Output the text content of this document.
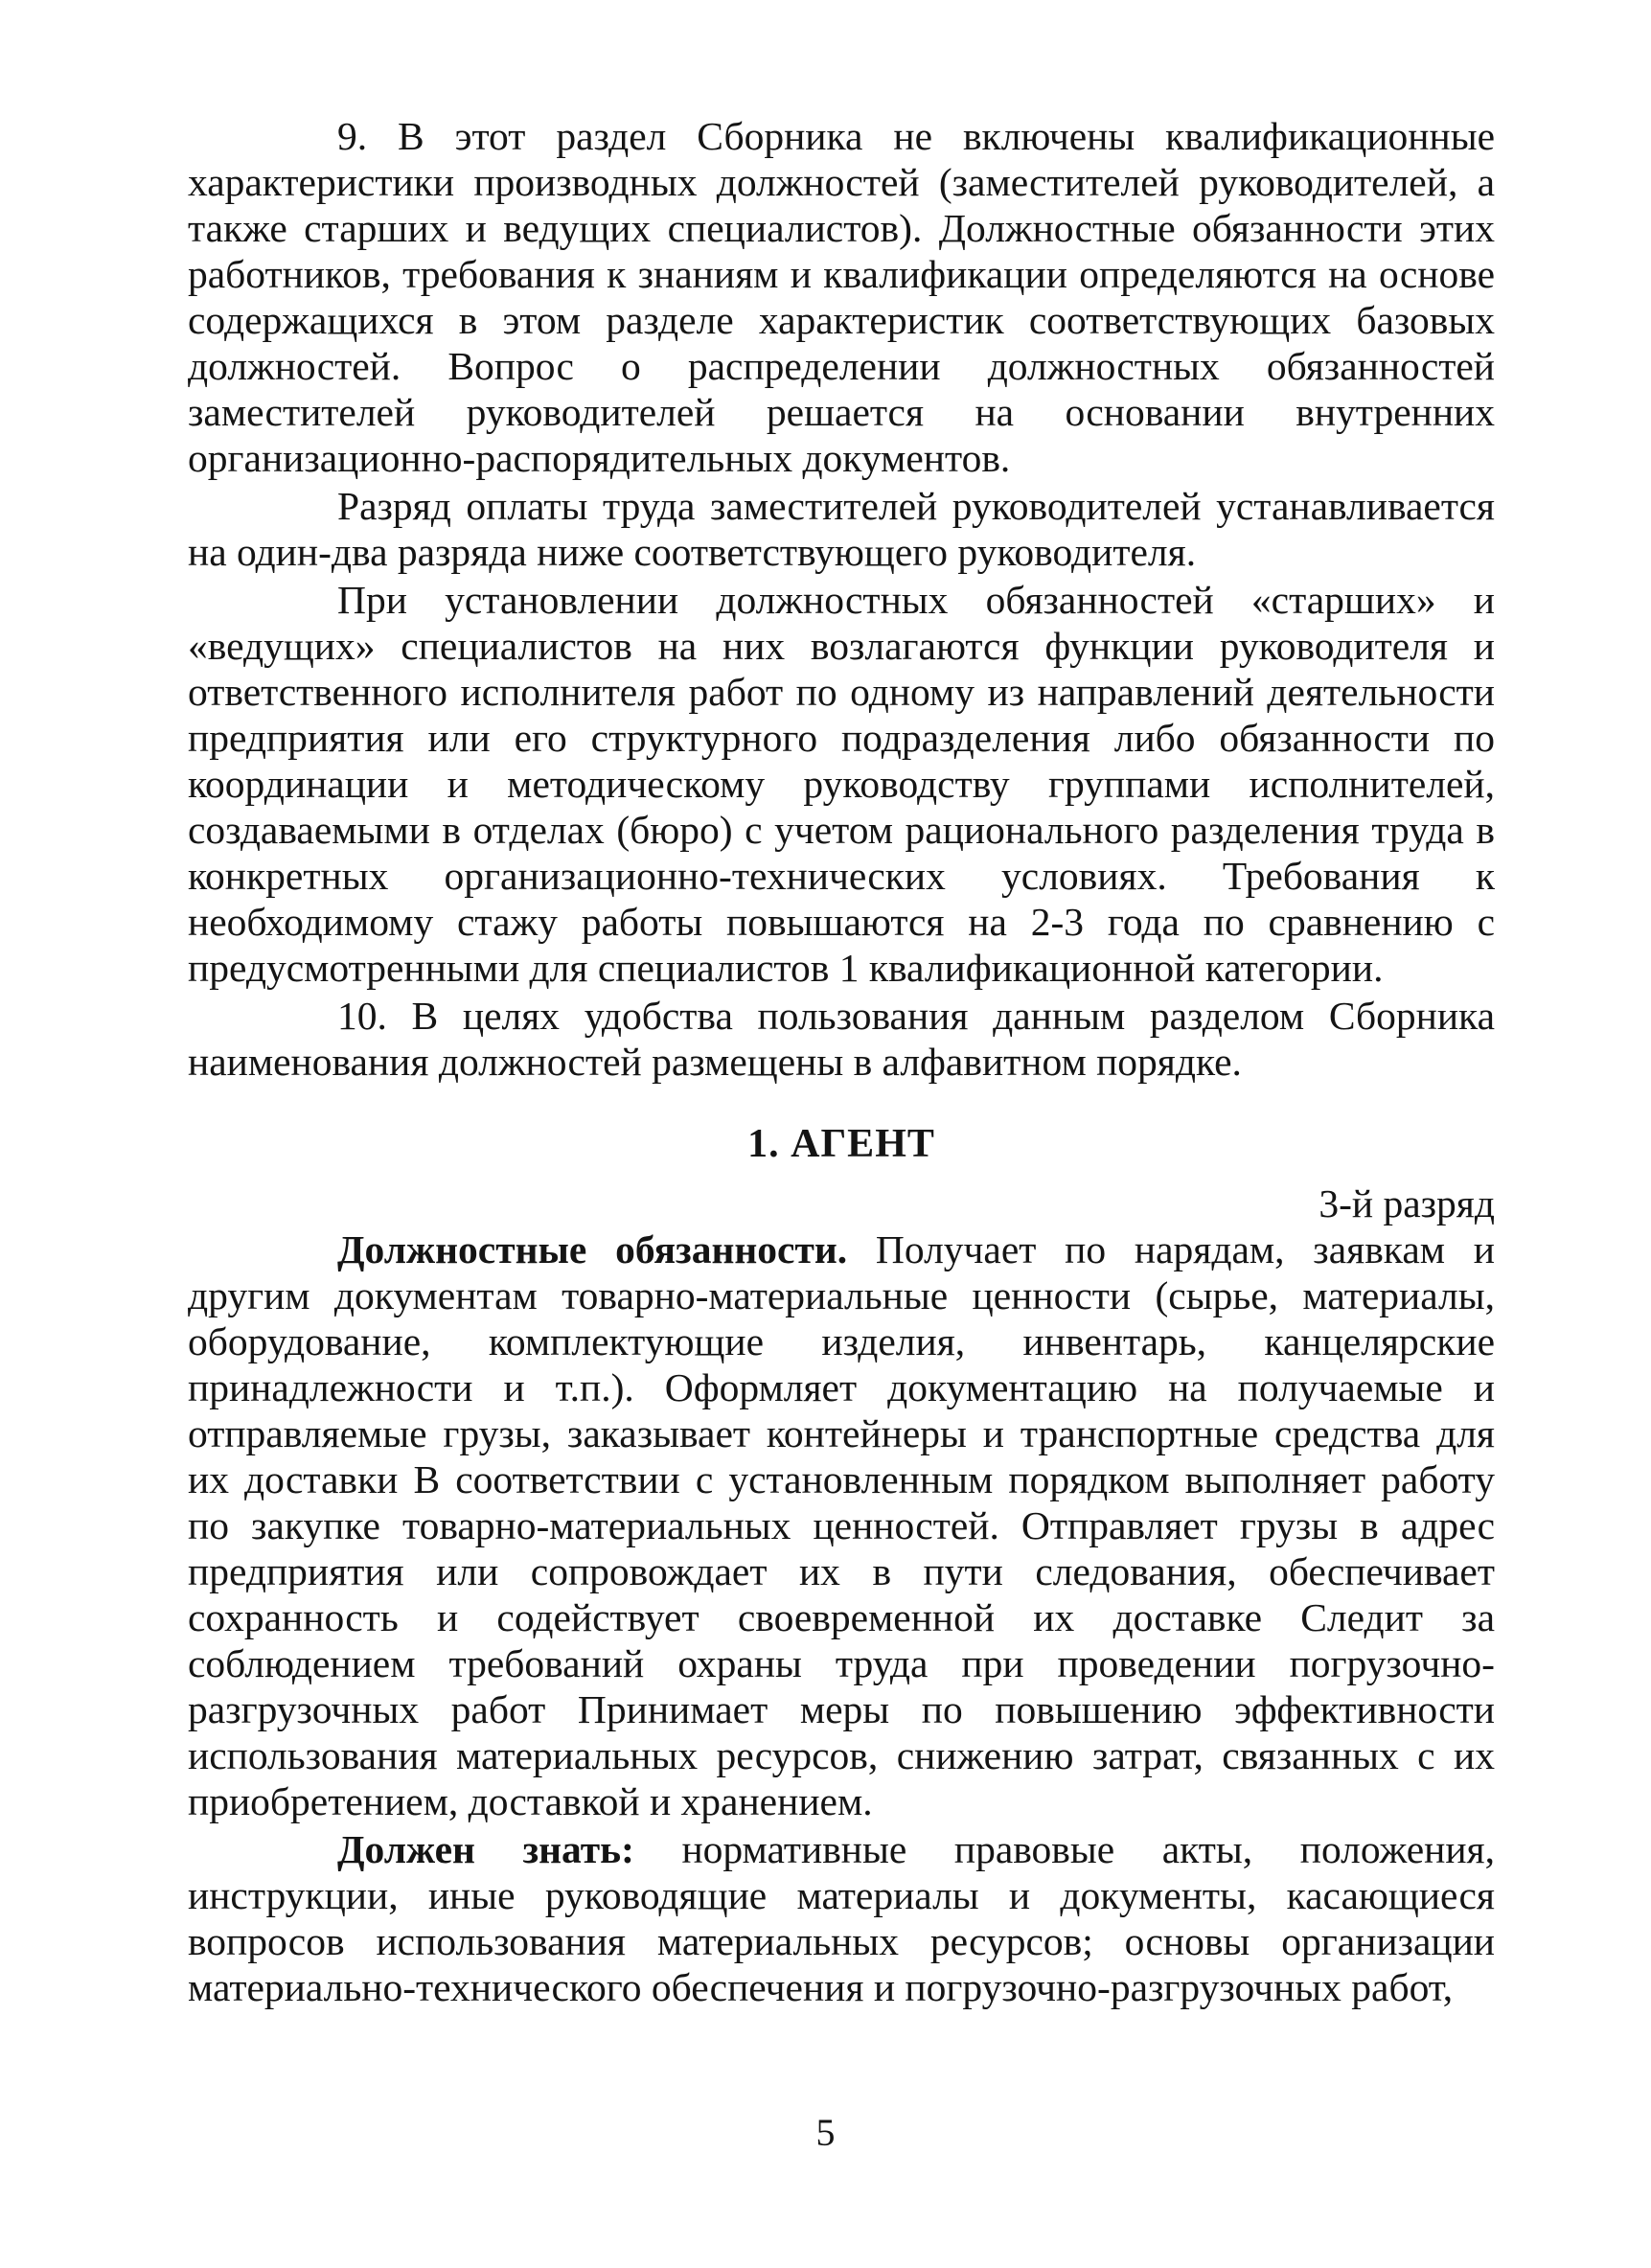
9. В этот раздел Сборника не включены квалификационные характеристики производных должностей (заместителей руководителей, а также старших и ведущих специалистов). Должностные обязанности этих работников, требования к знаниям и квалификации определяются на основе содержащихся в этом разделе характеристик соответствующих базовых должностей. Вопрос о распределении должностных обязанностей заместителей руководителей решается на основании внутренних организационно-распорядительных документов.

Разряд оплаты труда заместителей руководителей устанавливается на один-два разряда ниже соответствующего руководителя.

При установлении должностных обязанностей «старших» и «ведущих» специалистов на них возлагаются функции руководителя и ответственного исполнителя работ по одному из направлений деятельности предприятия или его структурного подразделения либо обязанности по координации и методическому руководству группами исполнителей, создаваемыми в отделах (бюро) с учетом рационального разделения труда в конкретных организационно-технических условиях. Требования к необходимому стажу работы повышаются на 2-3 года по сравнению с предусмотренными для специалистов 1 квалификационной категории.

10. В целях удобства пользования данным разделом Сборника наименования должностей размещены в алфавитном порядке.

1. АГЕНТ
3-й разряд

Должностные обязанности. Получает по нарядам, заявкам и другим документам товарно-материальные ценности (сырье, материалы, оборудование, комплектующие изделия, инвентарь, канцелярские принадлежности и т.п.). Оформляет документацию на получаемые и отправляемые грузы, заказывает контейнеры и транспортные средства для их доставки В соответствии с установленным порядком выполняет работу по закупке товарно-материальных ценностей. Отправляет грузы в адрес предприятия или сопровождает их в пути следования, обеспечивает сохранность и содействует своевременной их доставке Следит за соблюдением требований охраны труда при проведении погрузочно-разгрузочных работ Принимает меры по повышению эффективности использования материальных ресурсов, снижению затрат, связанных с их приобретением, доставкой и хранением.

Должен знать: нормативные правовые акты, положения, инструкции, иные руководящие материалы и документы, касающиеся вопросов использования материальных ресурсов; основы организации материально-технического обеспечения и погрузочно-разгрузочных работ,

5
